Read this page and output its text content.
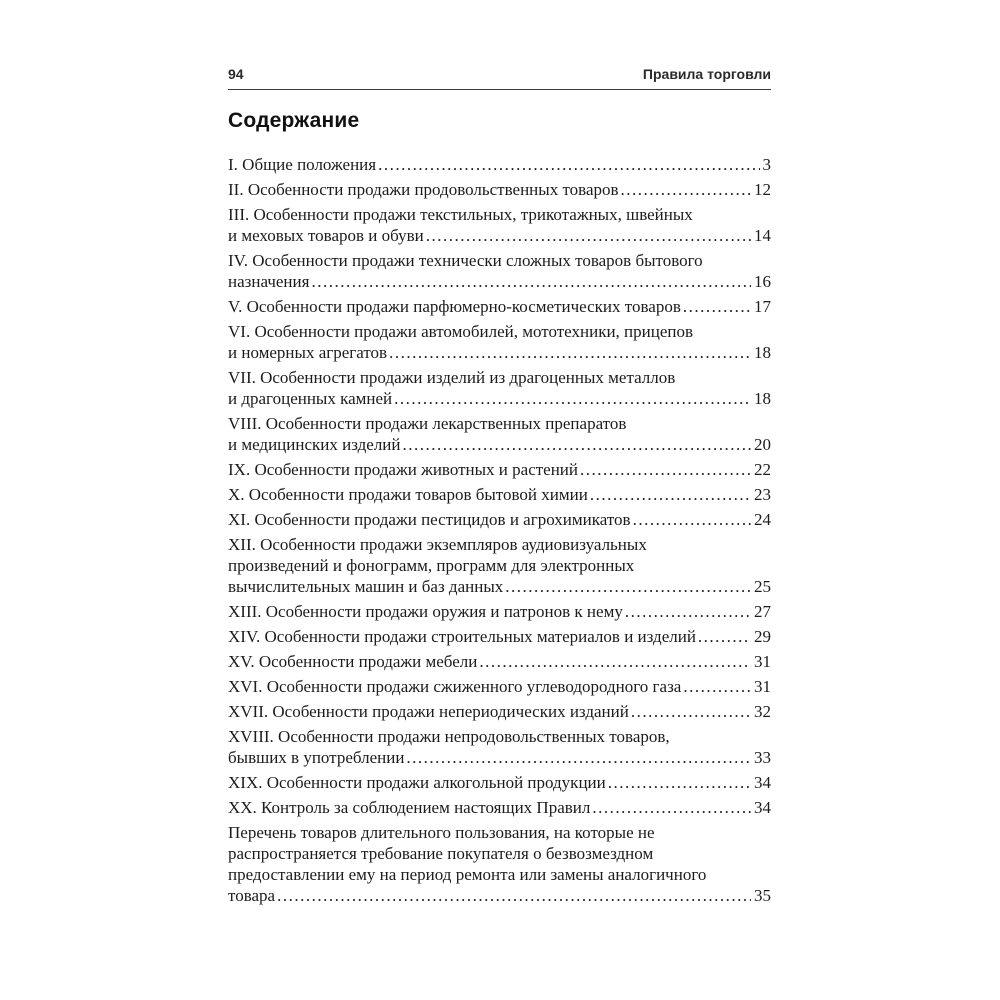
94	Правила торговли
Содержание
I. Общие положения .....	3
II. Особенности продажи продовольственных товаров .....	12
III. Особенности продажи текстильных, трикотажных, швейных
и меховых товаров и обуви .....	14
IV. Особенности продажи технически сложных товаров бытового
назначения .....	16
V. Особенности продажи парфюмерно-косметических товаров .....	17
VI. Особенности продажи автомобилей, мототехники, прицепов
и номерных агрегатов .....	18
VII. Особенности продажи изделий из драгоценных металлов
и драгоценных камней .....	18
VIII. Особенности продажи лекарственных препаратов
и медицинских изделий .....	20
IX. Особенности продажи животных и растений .....	22
X. Особенности продажи товаров бытовой химии .....	23
XI. Особенности продажи пестицидов и агрохимикатов .....	24
XII. Особенности продажи экземпляров аудиовизуальных
произведений и фонограмм, программ для электронных
вычислительных машин и баз данных .....	25
XIII. Особенности продажи оружия и патронов к нему .....	27
XIV. Особенности продажи строительных материалов и изделий .....	29
XV. Особенности продажи мебели .....	31
XVI. Особенности продажи сжиженного углеводородного газа .....	31
XVII. Особенности продажи непериодических изданий .....	32
XVIII. Особенности продажи непродовольственных товаров,
бывших в употреблении .....	33
XIX. Особенности продажи алкогольной продукции .....	34
XX. Контроль за соблюдением настоящих Правил .....	34
Перечень товаров длительного пользования, на которые не
распространяется требование покупателя о безвозмездном
предоставлении ему на период ремонта или замены аналогичного
товара .....	35
